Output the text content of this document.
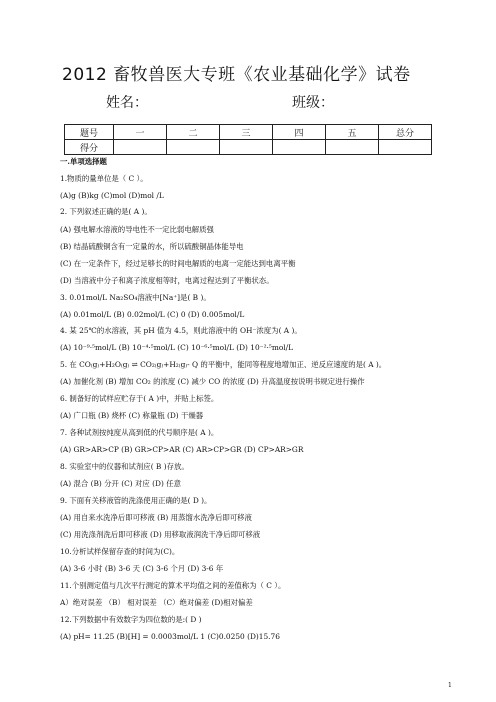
2012 畜牧兽医大专班《农业基础化学》试卷
姓名：	班级：
题号	一	二	三	四	五	总分
得分						
一.单项选择题
1.物质的量单位是（ C ）。
(A)g (B)kg (C)mol (D)mol /L
2. 下列叙述正确的是( A )。
(A) 强电解水溶液的导电性不一定比弱电解质强
(B) 结晶硫酸铜含有一定量的水，所以硫酸铜晶体能导电
(C) 在一定条件下，经过足够长的时间电解质的电离一定能达到电离平衡
(D) 当溶液中分子和离子浓度相等时，电离过程达到了平衡状态。
3. 0.01mol/L Na₂SO₄溶液中[Na⁺]是( B )。
(A) 0.01mol/L (B) 0.02mol/L (C) 0 (D) 0.005mol/L
4. 某 25℃的水溶液，其 pH 值为 4.5，则此溶液中的 OH⁻浓度为( A )。
(A) 10⁻⁹·⁵mol/L (B) 10⁻⁴·⁵mol/L (C) 10⁻⁶·⁵mol/L (D) 10⁻²·⁵mol/L
5. 在 CO₍g₎+H₂O₍g₎ ⇌ CO₂₍g₎+H₂₍g₎- Q 的平衡中，能同等程度地增加正、逆反应速度的是( A )。
(A) 加催化剂 (B) 增加 CO₂ 的浓度 (C) 减少 CO 的浓度 (D) 升高温度按说明书规定进行操作
6. 制备好的试样应贮存于( A )中，并贴上标签。
(A) 广口瓶 (B) 烧杯 (C) 称量瓶 (D) 干燥器
7. 各种试剂按纯度从高到低的代号顺序是( A )。
(A) GR>AR>CP (B) GR>CP>AR (C) AR>CP>GR (D) CP>AR>GR
8. 实验室中的仪器和试剂应( B )存放。
(A) 混合 (B) 分开 (C) 对应 (D) 任意
9. 下面有关移液管的洗涤使用正确的是( D )。
(A) 用自来水洗净后即可移液 (B) 用蒸馏水洗净后即可移液
(C) 用洗涤剂洗后即可移液 (D) 用移取液润洗干净后即可移液
10.分析试样保留存查的时间为(C)。
(A) 3-6 小时 (B) 3-6 天 (C) 3-6 个月 (D) 3-6 年
11.个别测定值与几次平行测定的算术平均值之间的差值称为（ C ）。
A）绝对误差 （B） 相对误差 （C）绝对偏差 (D)相对偏差
12.下列数据中有效数字为四位数的是:( D )
(A) pH= 11.25 (B)[H] = 0.0003mol/L 1 (C)0.0250 (D)15.76
1
